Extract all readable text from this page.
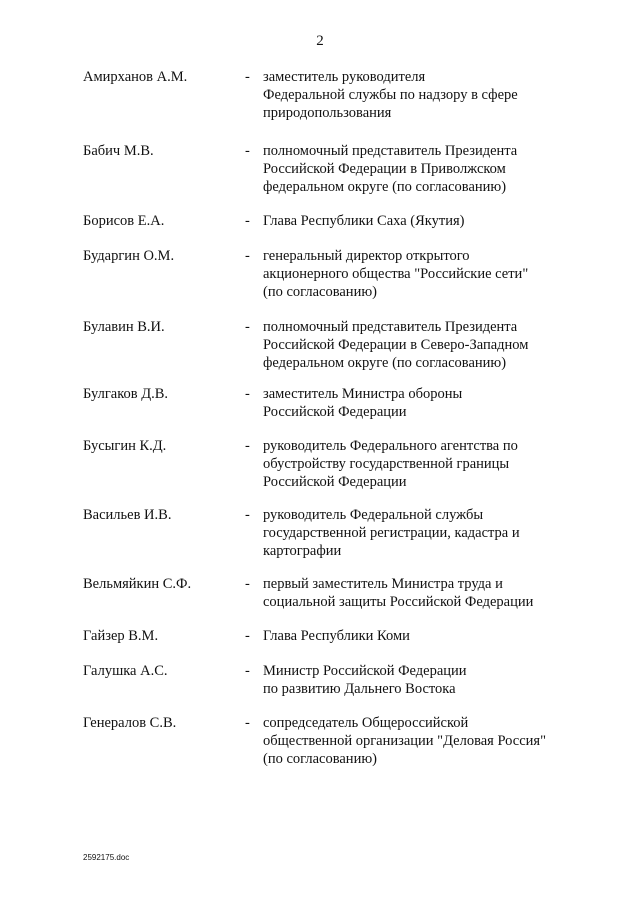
2
Амирханов А.М.	- заместитель руководителя
Федеральной службы по надзору в сфере
природопользования
Бабич М.В.	- полномочный представитель Президента
Российской Федерации в Приволжском
федеральном округе (по согласованию)
Борисов Е.А.	- Глава Республики Саха (Якутия)
Бударгин О.М.	- генеральный директор открытого
акционерного общества "Российские сети"
(по согласованию)
Булавин В.И.	- полномочный представитель Президента
Российской Федерации в Северо-Западном
федеральном округе (по согласованию)
Булгаков Д.В.	- заместитель Министра обороны
Российской Федерации
Бусыгин К.Д.	- руководитель Федерального агентства по
обустройству государственной границы
Российской Федерации
Васильев И.В.	- руководитель Федеральной службы
государственной регистрации, кадастра и
картографии
Вельмяйкин С.Ф.	- первый заместитель Министра труда и
социальной защиты Российской Федерации
Гайзер В.М.	- Глава Республики Коми
Галушка А.С.	- Министр Российской Федерации
по развитию Дальнего Востока
Генералов С.В.	- сопредседатель Общероссийской
общественной организации "Деловая Россия"
(по согласованию)
2592175.doc
